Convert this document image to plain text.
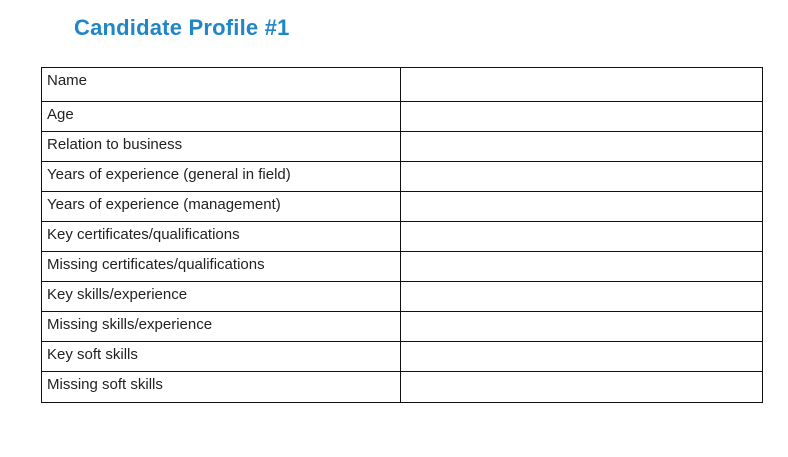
Candidate Profile #1
Name	
Age	
Relation to business	
Years of experience (general in field)	
Years of experience (management)	
Key certificates/qualifications	
Missing certificates/qualifications	
Key skills/experience	
Missing skills/experience	
Key soft skills	
Missing soft skills	
